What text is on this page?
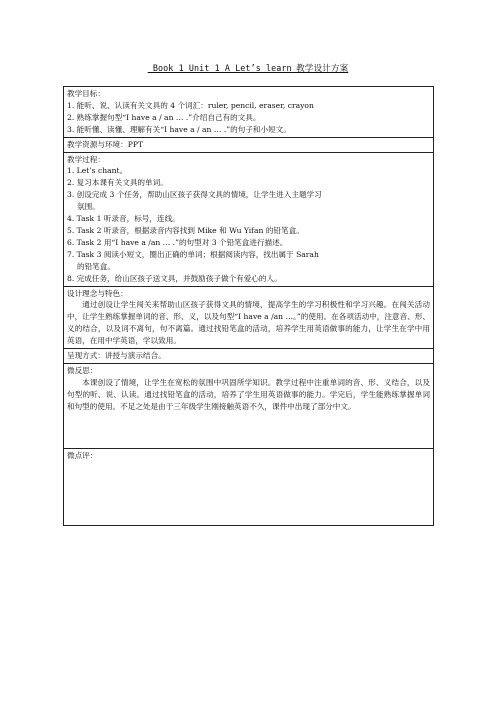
_Book 1 Unit 1 A Let’s learn_教学设计方案
教学目标：
1. 能听、说、认读有关文具的 4 个词汇：ruler, pencil, eraser, crayon
2. 熟练掌握句型“I have a / an … .”介绍自己有的文具。
3. 能听懂、读懂、理解有关“I have a / an … .”的句子和小短文。

教学资源与环境：PPT

教学过程：
1. Let’s chant。
2. 复习本课有关文具的单词。
3. 创设完成 3 个任务，帮助山区孩子获得文具的情境，让学生进入主题学习
氛围。
4. Task 1 听录音，标号，连线。
5. Task 2 听录音，根据录音内容找到 Mike 和 Wu Yifan 的铅笔盒。
6. Task 2 用“I have a /an … .”的句型对 3 个铅笔盒进行描述。
7. Task 3 阅读小短文，圈出正确的单词；根据阅读内容，找出属于 Sarah
的铅笔盒。
8. 完成任务，给山区孩子送文具，并鼓励孩子做个有爱心的人。

设计理念与特色：
通过创设让学生闯关来帮助山区孩子获得文具的情境，提高学生的学习积极性和学习兴趣。在闯关活动中，让学生熟练掌握单词的音、形、义，以及句型“I have a /an …。”的使用。在各项活动中，注意音、形、义的结合，以及词不离句，句不离篇。通过找铅笔盒的活动，培养学生用英语做事的能力，让学生在学中用英语，在用中学英语，学以致用。

呈现方式：讲授与演示结合。

微反思：
本课创设了情境，让学生在宽松的氛围中巩固所学知识。教学过程中注重单词的音、形、义结合，以及句型的听、说、认读。通过找铅笔盒的活动，培养了学生用英语做事的能力。学完后，学生能熟练掌握单词和句型的使用。不足之处是由于三年级学生刚接触英语不久，课件中出现了部分中文。

微点评：
